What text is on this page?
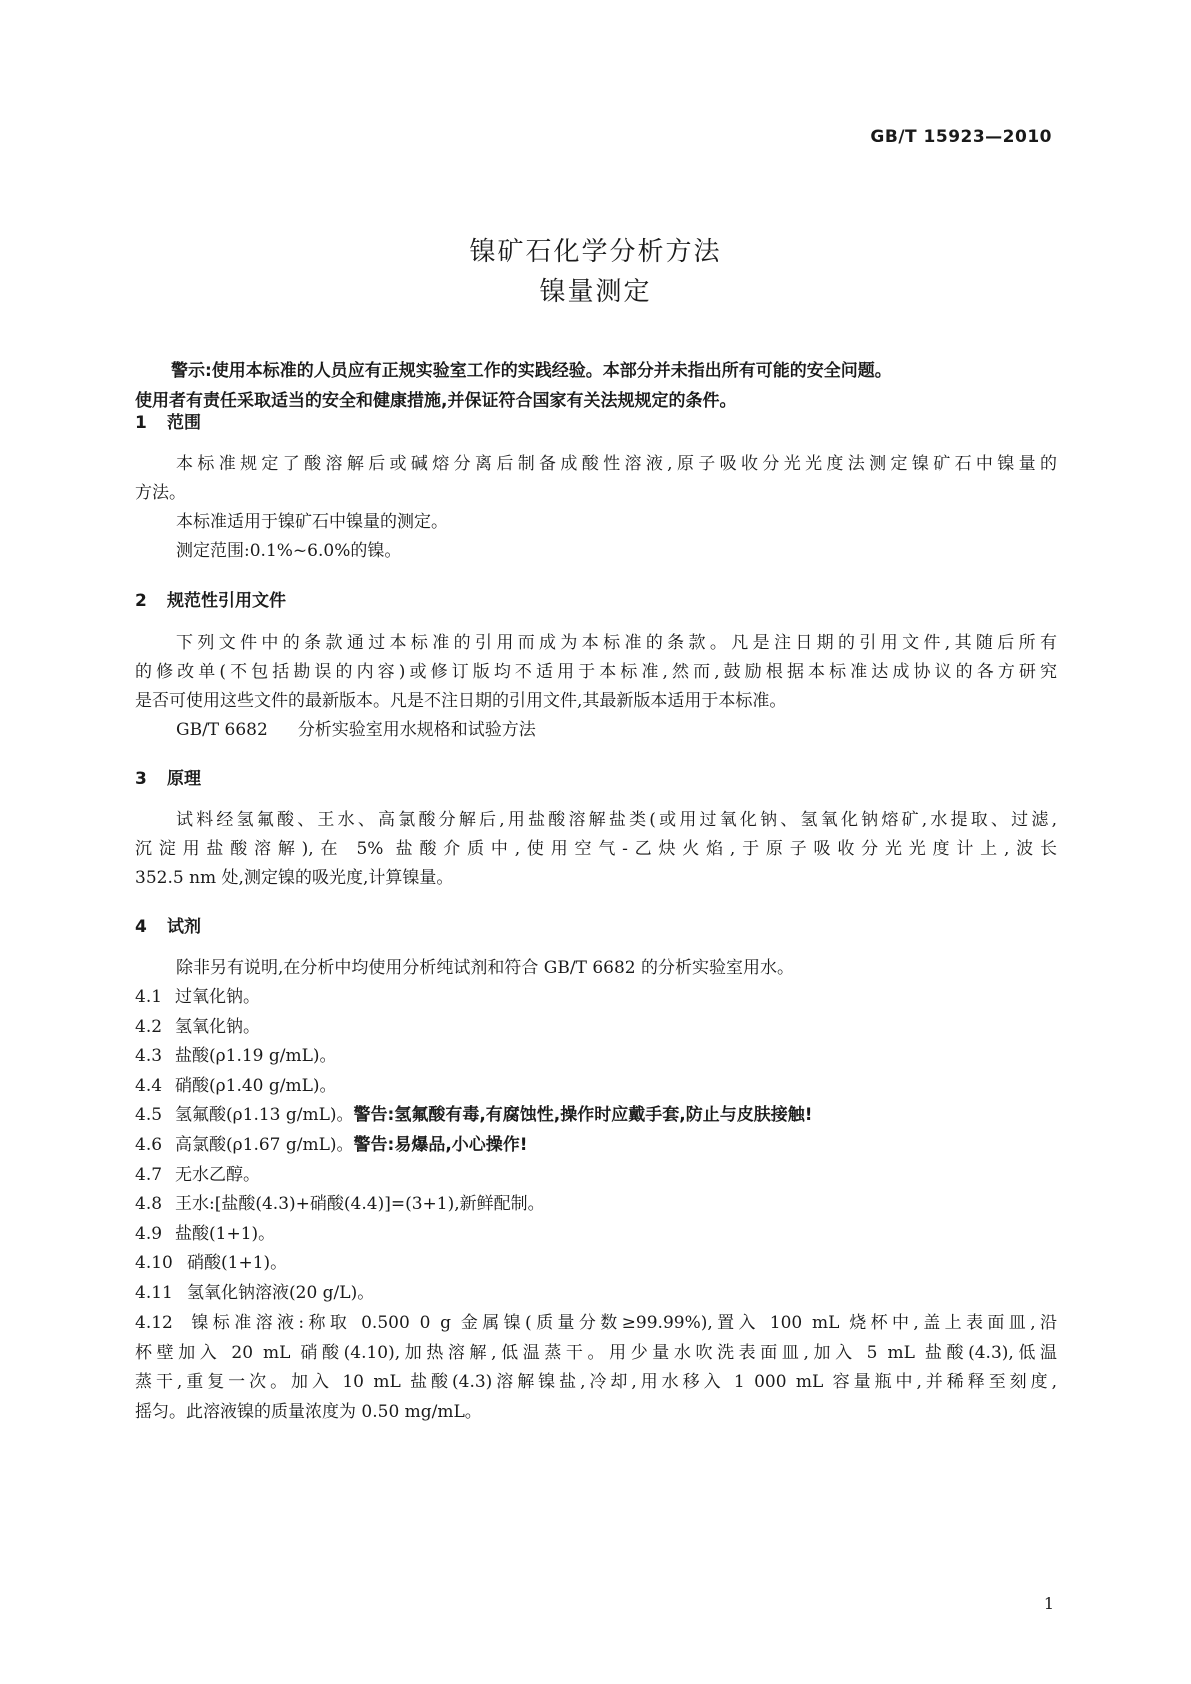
GB/T 15923—2010
镍矿石化学分析方法
镍量测定

警示:使用本标准的人员应有正规实验室工作的实践经验。本部分并未指出所有可能的安全问题。

使用者有责任采取适当的安全和健康措施,并保证符合国家有关法规规定的条件。

1 范围

本标准规定了酸溶解后或碱熔分离后制备成酸性溶液,原子吸收分光光度法测定镍矿石中镍量的

方法。

本标准适用于镍矿石中镍量的测定。

测定范围:0.1%~6.0%的镍。

2 规范性引用文件

下列文件中的条款通过本标准的引用而成为本标准的条款。凡是注日期的引用文件,其随后所有

的修改单(不包括勘误的内容)或修订版均不适用于本标准,然而,鼓励根据本标准达成协议的各方研究

是否可使用这些文件的最新版本。凡是不注日期的引用文件,其最新版本适用于本标准。

GB/T 6682 分析实验室用水规格和试验方法

3 原理

试料经氢氟酸、王水、高氯酸分解后,用盐酸溶解盐类(或用过氧化钠、氢氧化钠熔矿,水提取、过滤,

沉淀用盐酸溶解),在 5% 盐酸介质中,使用空气-乙炔火焰,于原子吸收分光光度计上,波长

352.5 nm 处,测定镍的吸光度,计算镍量。

4 试剂

除非另有说明,在分析中均使用分析纯试剂和符合 GB/T 6682 的分析实验室用水。

4.1 过氧化钠。
4.2 氢氧化钠。
4.3 盐酸(ρ1.19 g/mL)。
4.4 硝酸(ρ1.40 g/mL)。
4.5 氢氟酸(ρ1.13 g/mL)。警告:氢氟酸有毒,有腐蚀性,操作时应戴手套,防止与皮肤接触!
4.6 高氯酸(ρ1.67 g/mL)。警告:易爆品,小心操作!
4.7 无水乙醇。
4.8 王水:[盐酸(4.3)+硝酸(4.4)]=(3+1),新鲜配制。
4.9 盐酸(1+1)。
4.10 硝酸(1+1)。
4.11 氢氧化钠溶液(20 g/L)。
4.12 镍标准溶液:称取 0.500 0 g 金属镍(质量分数≥99.99%),置入 100 mL 烧杯中,盖上表面皿,沿
杯壁加入 20 mL 硝酸(4.10),加热溶解,低温蒸干。用少量水吹洗表面皿,加入 5 mL 盐酸(4.3),低温
蒸干,重复一次。加入 10 mL 盐酸(4.3)溶解镍盐,冷却,用水移入 1 000 mL 容量瓶中,并稀释至刻度,
摇匀。此溶液镍的质量浓度为 0.50 mg/mL。
1
